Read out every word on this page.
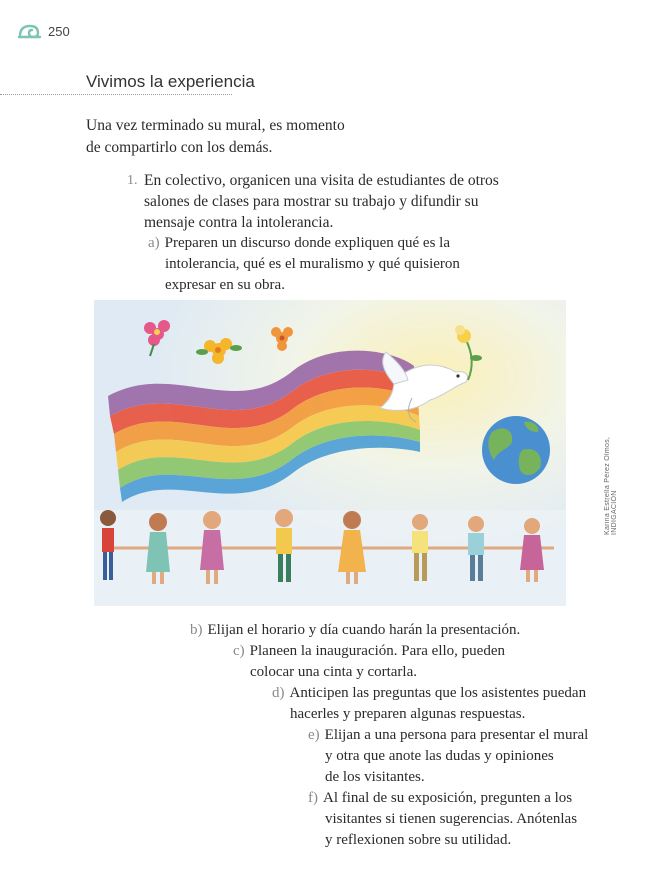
250
Vivimos la experiencia
Una vez terminado su mural, es momento
de compartirlo con los demás.
1. En colectivo, organicen una visita de estudiantes de otros
salones de clases para mostrar su trabajo y difundir su
mensaje contra la intolerancia.
a) Preparen un discurso donde expliquen qué es la
intolerancia, qué es el muralismo y qué quisieron
expresar en su obra.
Karina Estrella Pérez Olmos, INDIGACIÓN
b) Elijan el horario y día cuando harán la presentación.
c) Planeen la inauguración. Para ello, pueden
colocar una cinta y cortarla.
d) Anticipen las preguntas que los asistentes puedan
hacerles y preparen algunas respuestas.
e) Elijan a una persona para presentar el mural
y otra que anote las dudas y opiniones
de los visitantes.
f) Al final de su exposición, pregunten a los
visitantes si tienen sugerencias. Anótenlas
y reflexionen sobre su utilidad.
